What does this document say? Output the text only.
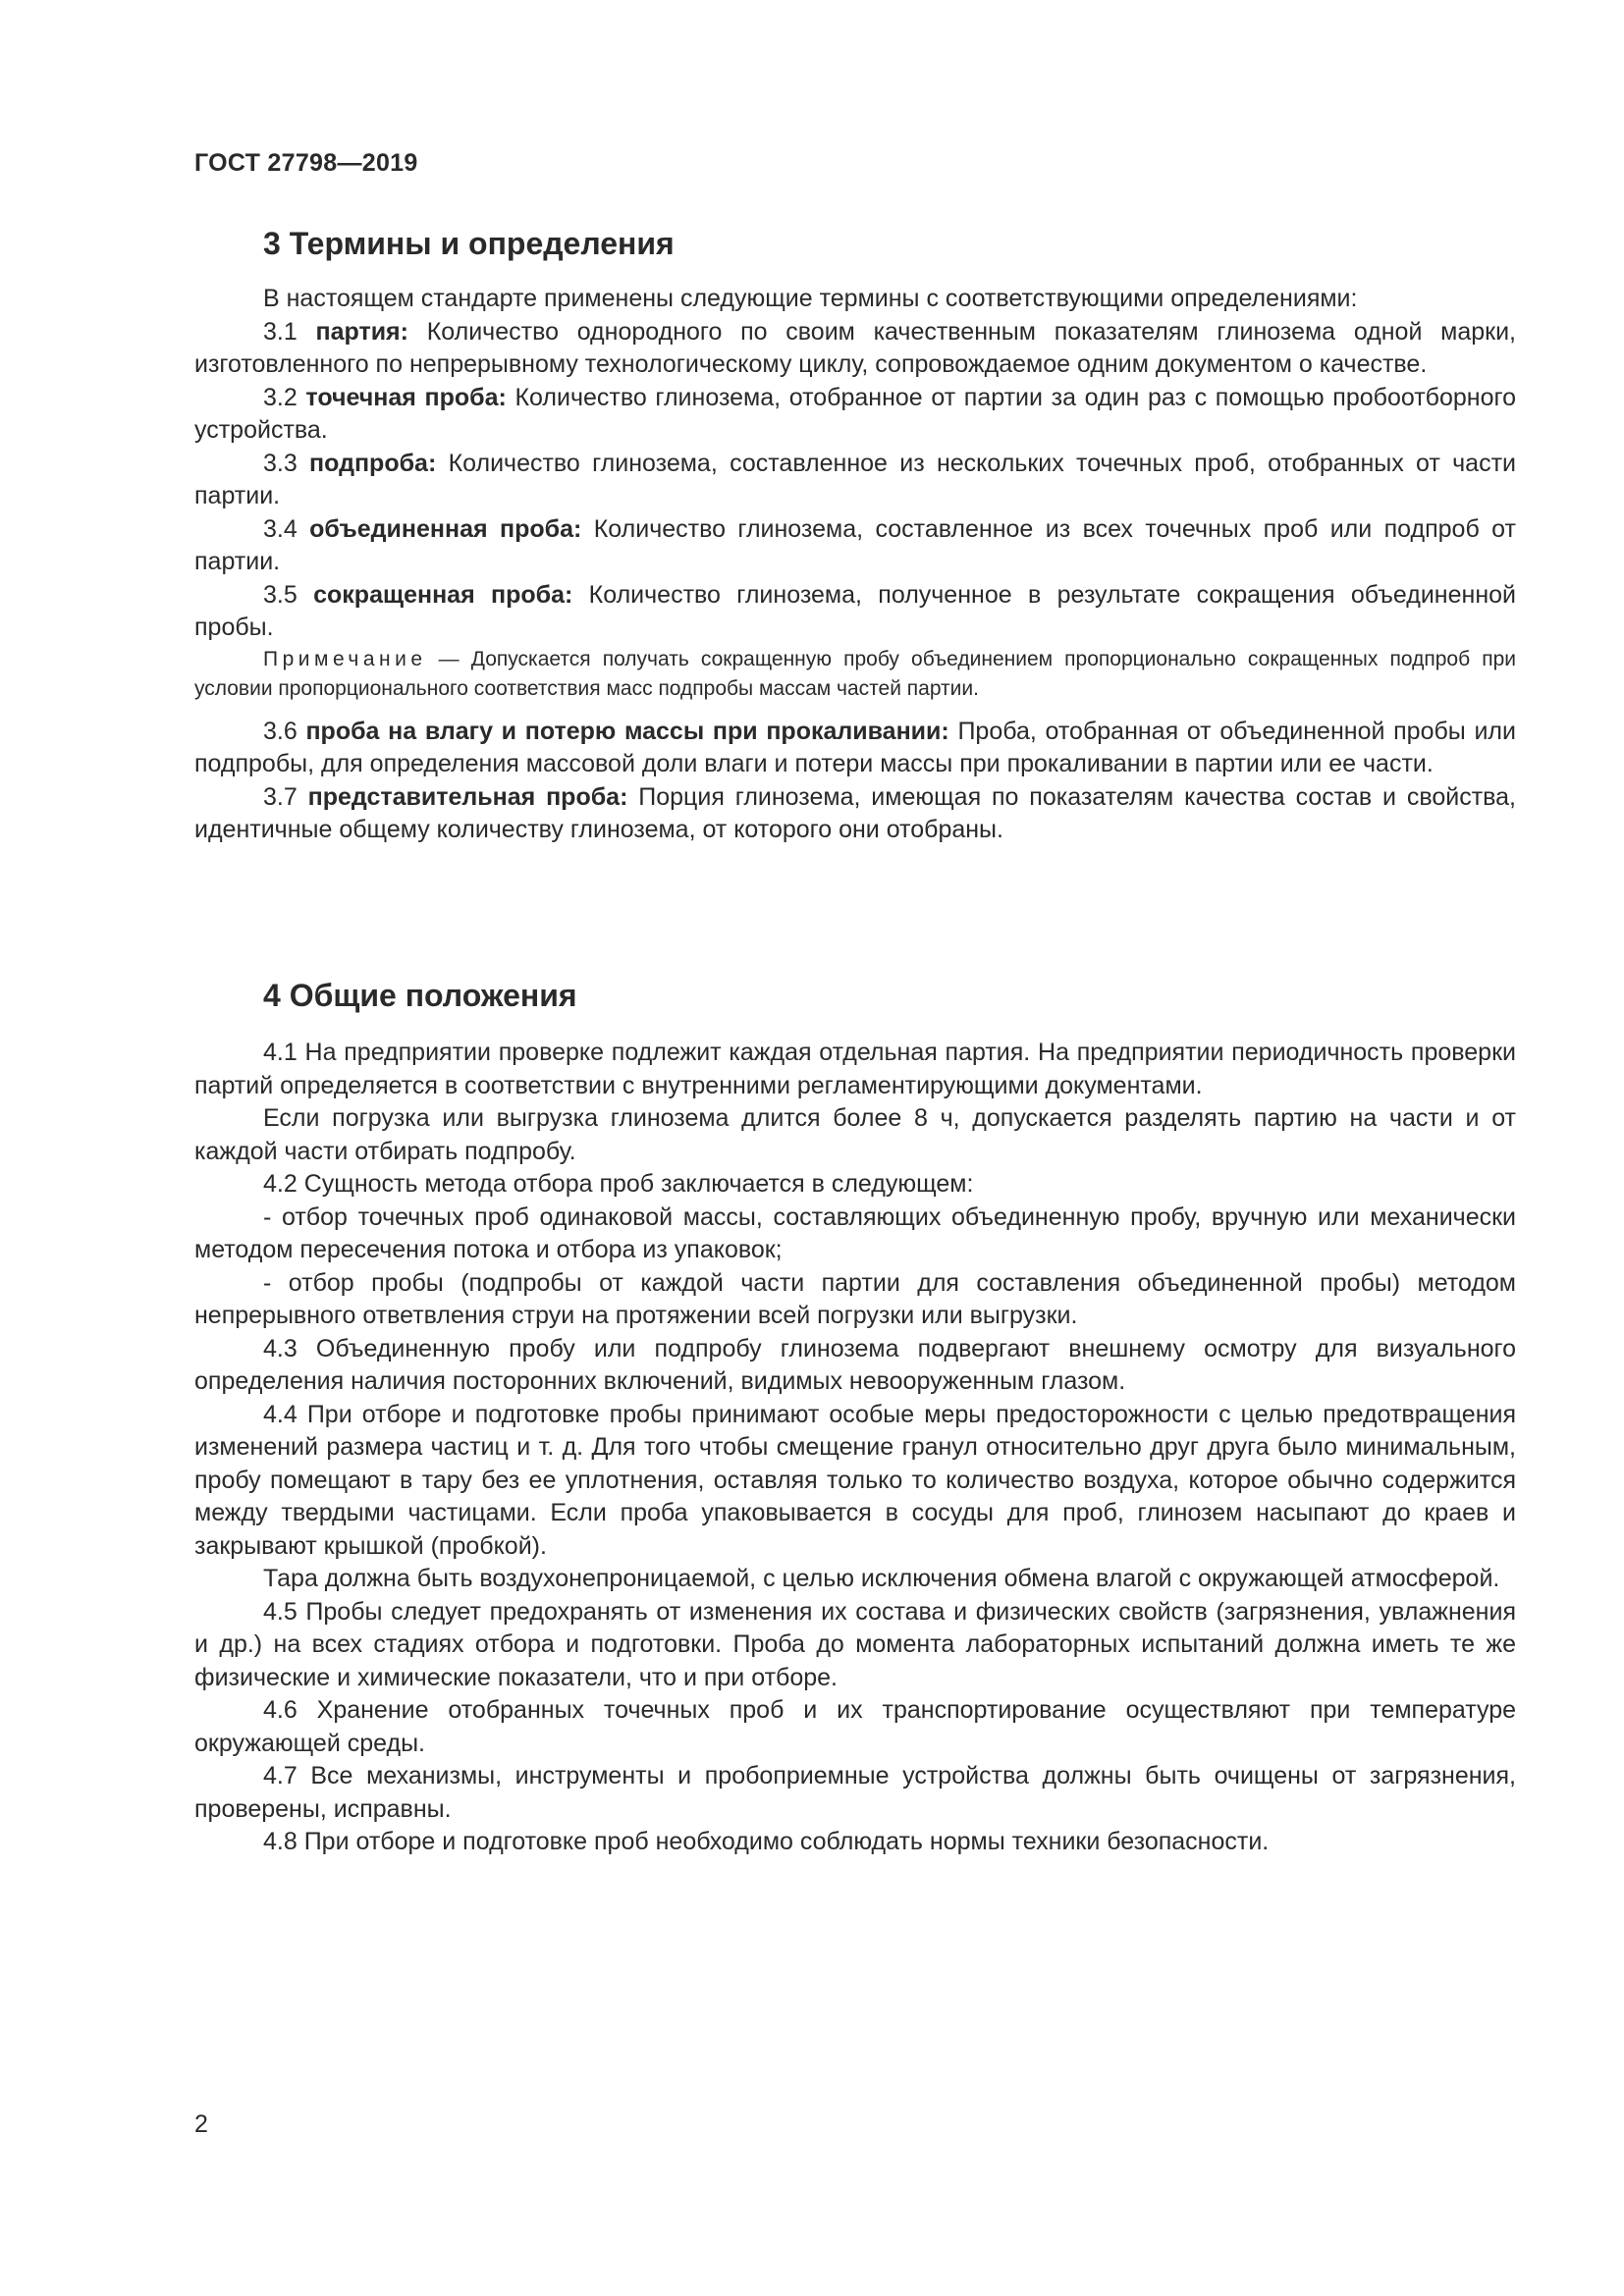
ГОСТ 27798—2019

3 Термины и определения

В настоящем стандарте применены следующие термины с соответствующими определениями:

3.1 партия: Количество однородного по своим качественным показателям глинозема одной марки, изготовленного по непрерывному технологическому циклу, сопровождаемое одним документом о качестве.

3.2 точечная проба: Количество глинозема, отобранное от партии за один раз с помощью пробоотборного устройства.

3.3 подпроба: Количество глинозема, составленное из нескольких точечных проб, отобранных от части партии.

3.4 объединенная проба: Количество глинозема, составленное из всех точечных проб или подпроб от партии.

3.5 сокращенная проба: Количество глинозема, полученное в результате сокращения объединенной пробы.

Примечание — Допускается получать сокращенную пробу объединением пропорционально сокращенных подпроб при условии пропорционального соответствия масс подпробы массам частей партии.

3.6 проба на влагу и потерю массы при прокаливании: Проба, отобранная от объединенной пробы или подпробы, для определения массовой доли влаги и потери массы при прокаливании в партии или ее части.

3.7 представительная проба: Порция глинозема, имеющая по показателям качества состав и свойства, идентичные общему количеству глинозема, от которого они отобраны.

4 Общие положения

4.1 На предприятии проверке подлежит каждая отдельная партия. На предприятии периодичность проверки партий определяется в соответствии с внутренними регламентирующими документами.

Если погрузка или выгрузка глинозема длится более 8 ч, допускается разделять партию на части и от каждой части отбирать подпробу.

4.2 Сущность метода отбора проб заключается в следующем:

- отбор точечных проб одинаковой массы, составляющих объединенную пробу, вручную или механически методом пересечения потока и отбора из упаковок;

- отбор пробы (подпробы от каждой части партии для составления объединенной пробы) методом непрерывного ответвления струи на протяжении всей погрузки или выгрузки.

4.3 Объединенную пробу или подпробу глинозема подвергают внешнему осмотру для визуального определения наличия посторонних включений, видимых невооруженным глазом.

4.4 При отборе и подготовке пробы принимают особые меры предосторожности с целью предотвращения изменений размера частиц и т. д. Для того чтобы смещение гранул относительно друг друга было минимальным, пробу помещают в тару без ее уплотнения, оставляя только то количество воздуха, которое обычно содержится между твердыми частицами. Если проба упаковывается в сосуды для проб, глинозем насыпают до краев и закрывают крышкой (пробкой).

Тара должна быть воздухонепроницаемой, с целью исключения обмена влагой с окружающей атмосферой.

4.5 Пробы следует предохранять от изменения их состава и физических свойств (загрязнения, увлажнения и др.) на всех стадиях отбора и подготовки. Проба до момента лабораторных испытаний должна иметь те же физические и химические показатели, что и при отборе.

4.6 Хранение отобранных точечных проб и их транспортирование осуществляют при температуре окружающей среды.

4.7 Все механизмы, инструменты и пробоприемные устройства должны быть очищены от загрязнения, проверены, исправны.

4.8 При отборе и подготовке проб необходимо соблюдать нормы техники безопасности.

2
